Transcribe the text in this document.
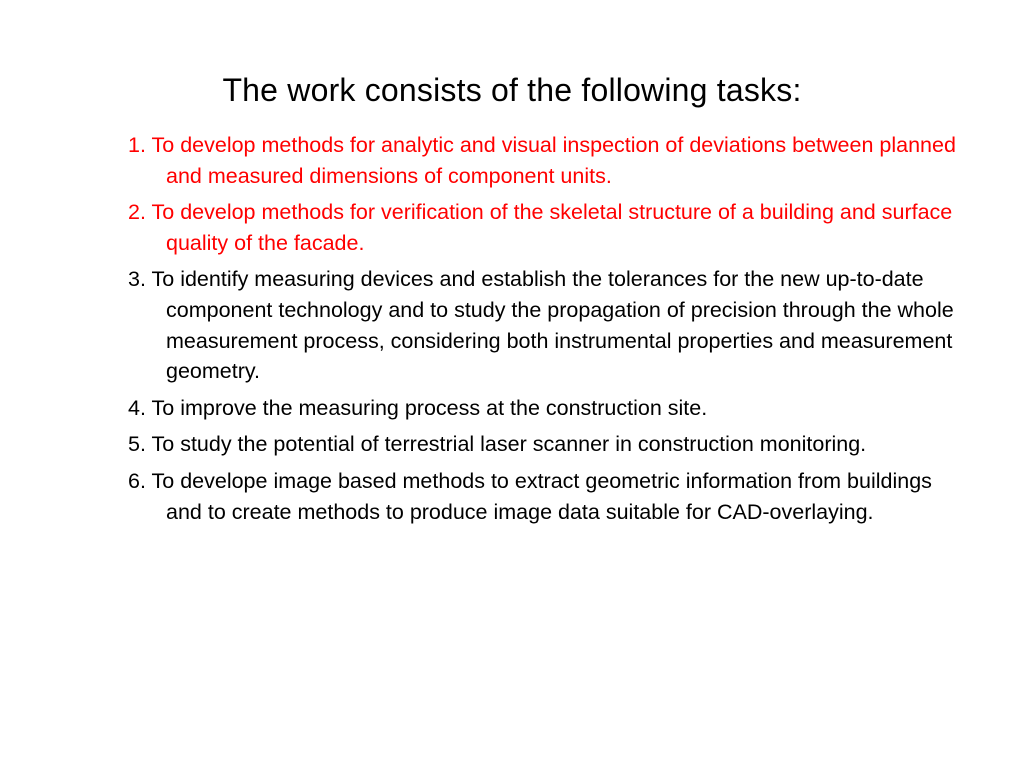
The work consists of the following tasks:
1. To develop methods for analytic and visual inspection of deviations between planned and measured dimensions of component units.
2. To develop methods for verification of the skeletal structure of a building and surface quality of the facade.
3. To identify measuring devices and establish the tolerances for the new up-to-date component technology and to study the propagation of precision through the whole measurement process, considering both instrumental properties and measurement geometry.
4. To improve the measuring process at the construction site.
5. To study the potential of terrestrial laser scanner in construction monitoring.
6. To develope image based methods to extract geometric information from buildings and to create methods to produce image data suitable for CAD-overlaying.
